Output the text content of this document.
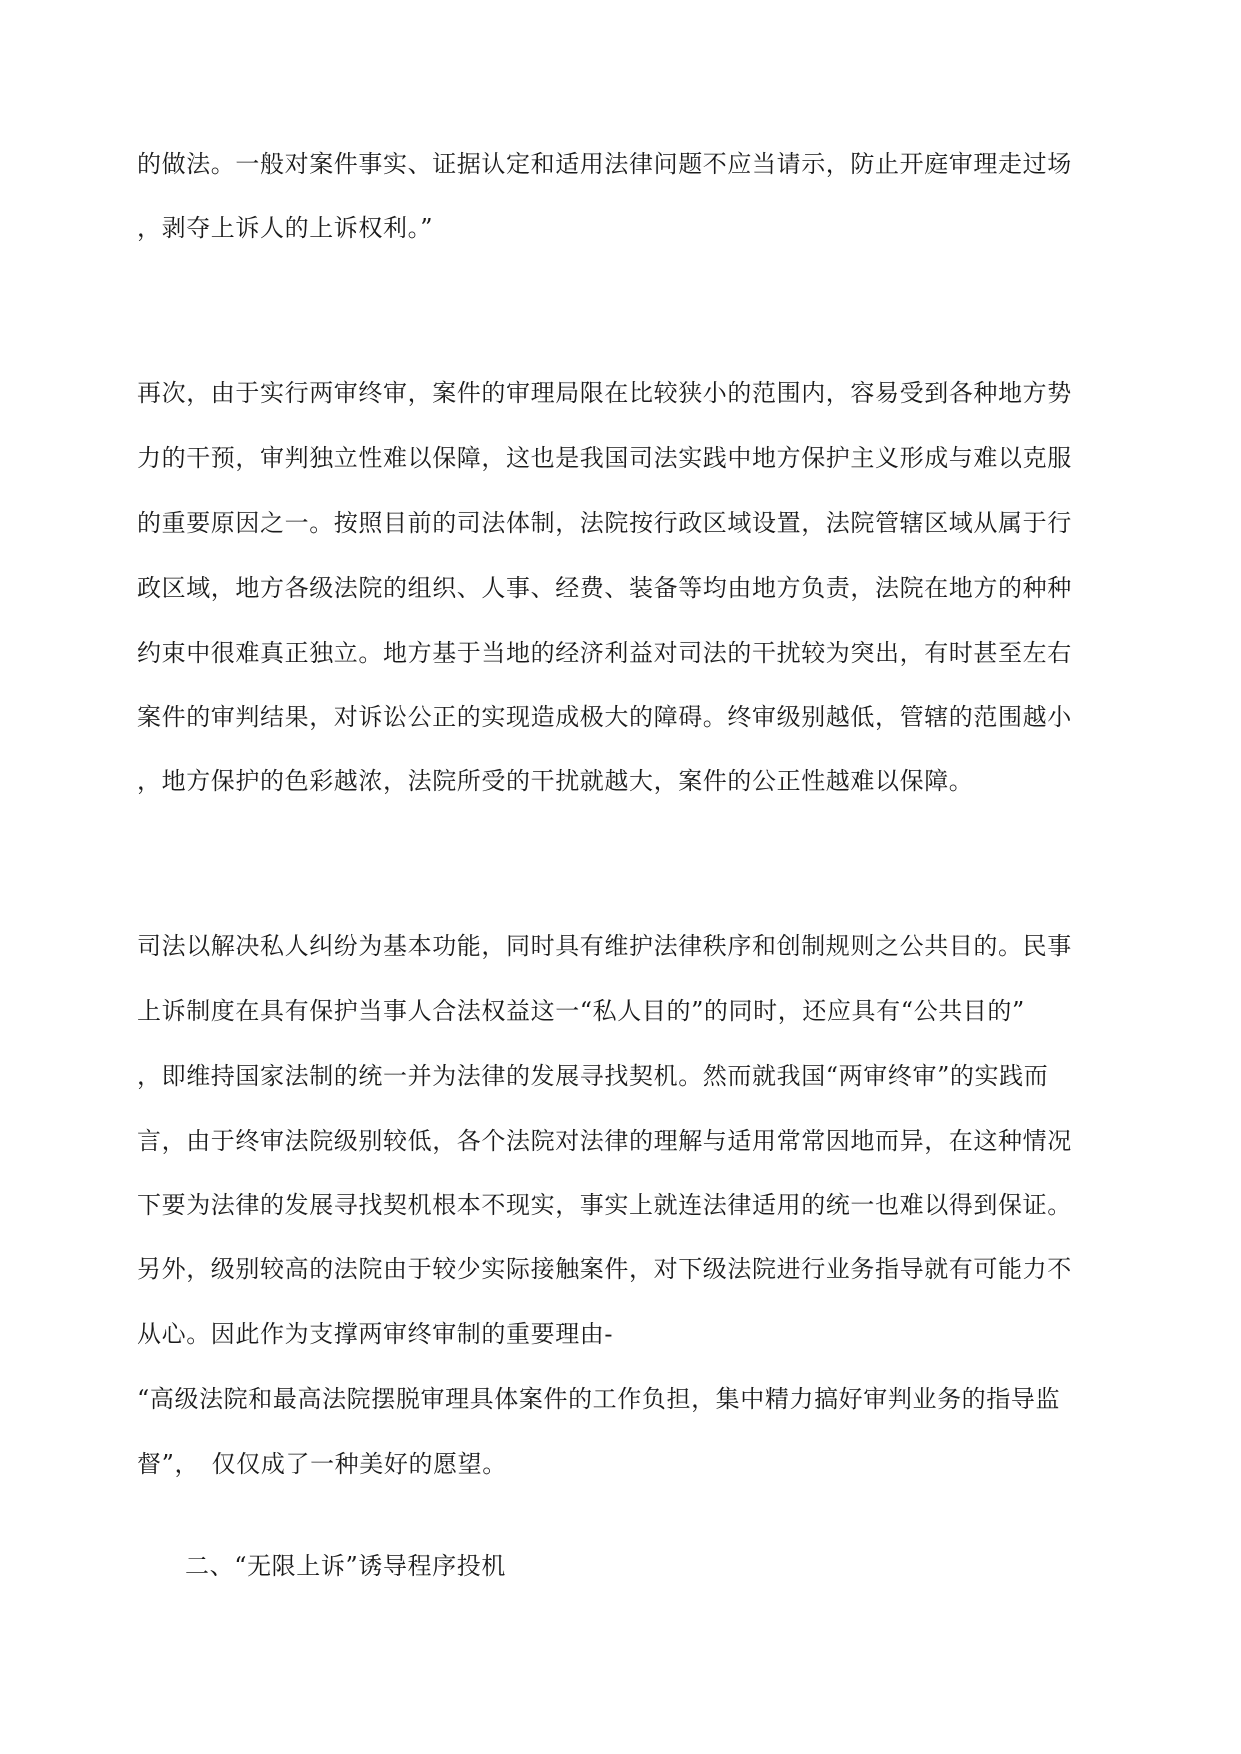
的做法。一般对案件事实、证据认定和适用法律问题不应当请示，防止开庭审理走过场
，剥夺上诉人的上诉权利。”
再次，由于实行两审终审，案件的审理局限在比较狭小的范围内，容易受到各种地方势
力的干预，审判独立性难以保障，这也是我国司法实践中地方保护主义形成与难以克服
的重要原因之一。按照目前的司法体制，法院按行政区域设置，法院管辖区域从属于行
政区域，地方各级法院的组织、人事、经费、装备等均由地方负责，法院在地方的种种
约束中很难真正独立。地方基于当地的经济利益对司法的干扰较为突出，有时甚至左右
案件的审判结果，对诉讼公正的实现造成极大的障碍。终审级别越低，管辖的范围越小
，地方保护的色彩越浓，法院所受的干扰就越大，案件的公正性越难以保障。
司法以解决私人纠纷为基本功能，同时具有维护法律秩序和创制规则之公共目的。民事
上诉制度在具有保护当事人合法权益这一“私人目的”的同时，还应具有“公共目的”
，即维持国家法制的统一并为法律的发展寻找契机。然而就我国“两审终审”的实践而
言，由于终审法院级别较低，各个法院对法律的理解与适用常常因地而异，在这种情况
下要为法律的发展寻找契机根本不现实，事实上就连法律适用的统一也难以得到保证。
另外，级别较高的法院由于较少实际接触案件，对下级法院进行业务指导就有可能力不
从心。因此作为支撑两审终审制的重要理由-
“高级法院和最高法院摆脱审理具体案件的工作负担，集中精力搞好审判业务的指导监
督”，　仅仅成了一种美好的愿望。
二、“无限上诉”诱导程序投机
